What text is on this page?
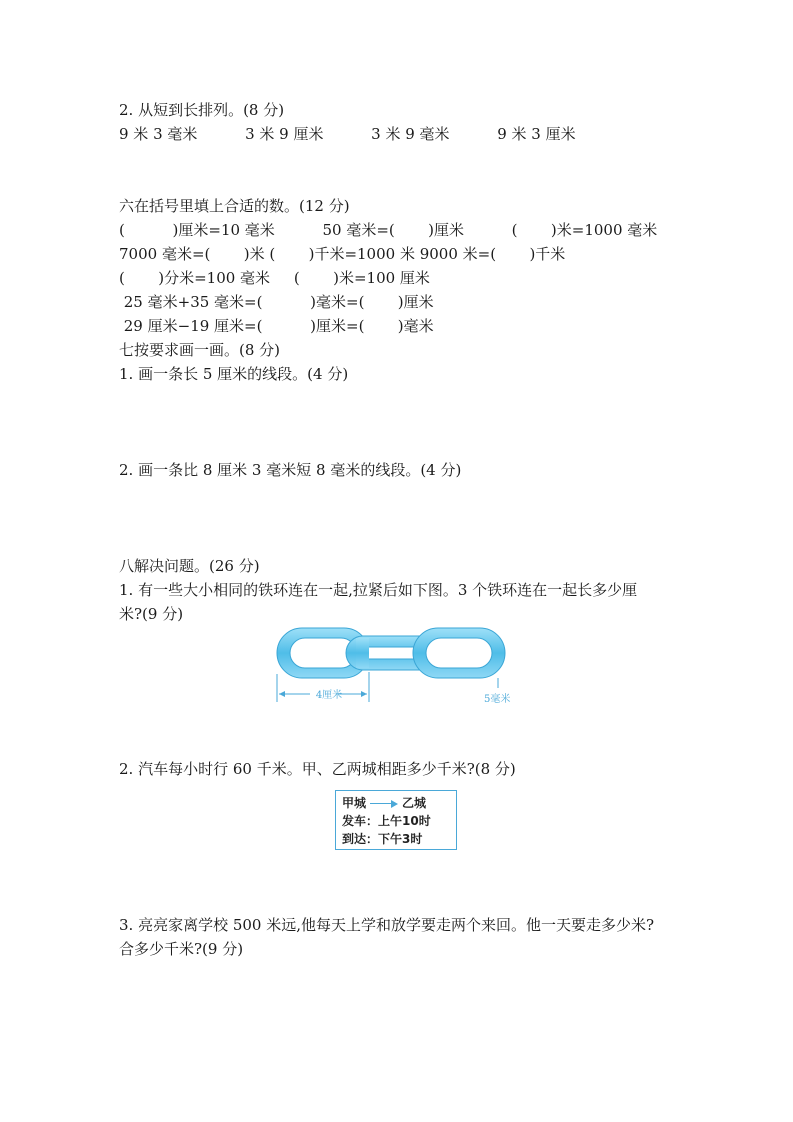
2. 从短到长排列。(8 分)
9 米 3 毫米          3 米 9 厘米          3 米 9 毫米          9 米 3 厘米
六在括号里填上合适的数。(12 分)
(          )厘米=10 毫米          50 毫米=(       )厘米          (       )米=1000 毫米
7000 毫米=(       )米 (       )千米=1000 米 9000 米=(       )千米
(       )分米=100 毫米     (       )米=100 厘米
25 毫米+35 毫米=(          )毫米=(       )厘米
29 厘米−19 厘米=(          )厘米=(       )毫米
七按要求画一画。(8 分)
1. 画一条长 5 厘米的线段。(4 分)
2. 画一条比 8 厘米 3 毫米短 8 毫米的线段。(4 分)
八解决问题。(26 分)
1. 有一些大小相同的铁环连在一起,拉紧后如下图。3 个铁环连在一起长多少厘
米?(9 分)
4厘米	5毫米
2. 汽车每小时行 60 千米。甲、乙两城相距多少千米?(8 分)
甲城	乙城
发车：上午10时
到达：下午3时
3. 亮亮家离学校 500 米远,他每天上学和放学要走两个来回。他一天要走多少米?
合多少千米?(9 分)
